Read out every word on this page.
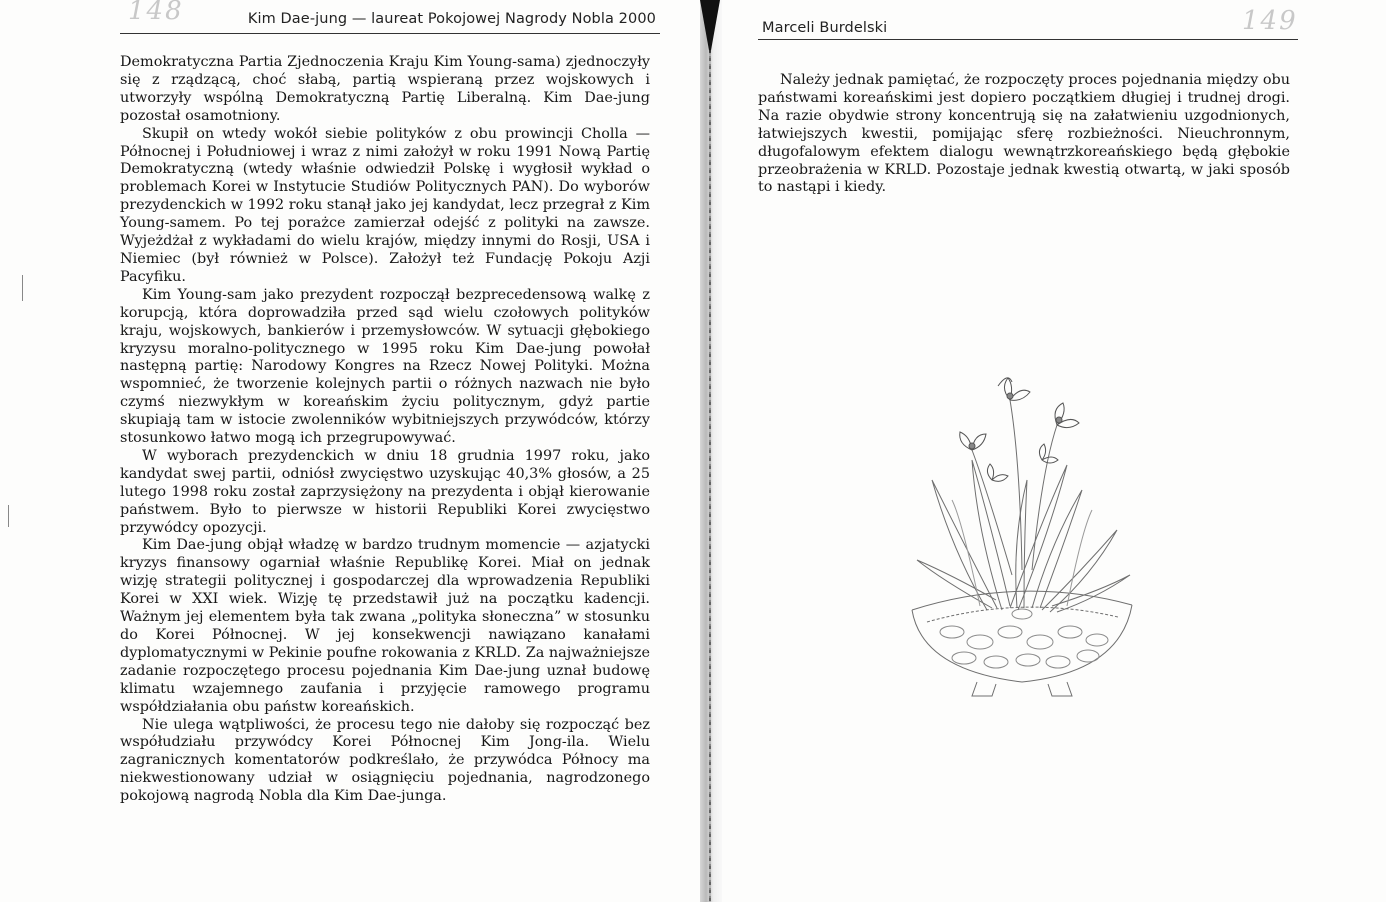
148	Kim Dae-jung — laureat Pokojowej Nagrody Nobla 2000

Demokratyczna Partia Zjednoczenia Kraju Kim Young-sama) zjednoczyły się z rządzącą, choć słabą, partią wspieraną przez wojskowych i utworzyły wspólną Demokratyczną Partię Liberalną. Kim Dae-jung pozostał osamotniony.

Skupił on wtedy wokół siebie polityków z obu prowincji Cholla — Północnej i Południowej i wraz z nimi założył w roku 1991 Nową Partię Demokratyczną (wtedy właśnie odwiedził Polskę i wygłosił wykład o problemach Korei w Instytucie Studiów Politycznych PAN). Do wyborów prezydenckich w 1992 roku stanął jako jej kandydat, lecz przegrał z Kim Young-samem. Po tej porażce zamierzał odejść z polityki na zawsze. Wyjeżdżał z wykładami do wielu krajów, między innymi do Rosji, USA i Niemiec (był również w Polsce). Założył też Fundację Pokoju Azji Pacyfiku.

Kim Young-sam jako prezydent rozpoczął bezprecedensową walkę z korupcją, która doprowadziła przed sąd wielu czołowych polityków kraju, wojskowych, bankierów i przemysłowców. W sytuacji głębokiego kryzysu moralno-politycznego w 1995 roku Kim Dae-jung powołał następną partię: Narodowy Kongres na Rzecz Nowej Polityki. Można wspomnieć, że tworzenie kolejnych partii o różnych nazwach nie było czymś niezwykłym w koreańskim życiu politycznym, gdyż partie skupiają tam w istocie zwolenników wybitniejszych przywódców, którzy stosunkowo łatwo mogą ich przegrupowywać.

W wyborach prezydenckich w dniu 18 grudnia 1997 roku, jako kandydat swej partii, odniósł zwycięstwo uzyskując 40,3% głosów, a 25 lutego 1998 roku został zaprzysiężony na prezydenta i objął kierowanie państwem. Było to pierwsze w historii Republiki Korei zwycięstwo przywódcy opozycji.

Kim Dae-jung objął władzę w bardzo trudnym momencie — azjatycki kryzys finansowy ogarniał właśnie Republikę Korei. Miał on jednak wizję strategii politycznej i gospodarczej dla wprowadzenia Republiki Korei w XXI wiek. Wizję tę przedstawił już na początku kadencji. Ważnym jej elementem była tak zwana „polityka słoneczna” w stosunku do Korei Północnej. W jej konsekwencji nawiązano kanałami dyplomatycznymi w Pekinie poufne rokowania z KRLD. Za najważniejsze zadanie rozpoczętego procesu pojednania Kim Dae-jung uznał budowę klimatu wzajemnego zaufania i przyjęcie ramowego programu współdziałania obu państw koreańskich.

Nie ulega wątpliwości, że procesu tego nie dałoby się rozpocząć bez współudziału przywódcy Korei Północnej Kim Jong-ila. Wielu zagranicznych komentatorów podkreślało, że przywódca Północy ma niekwestionowany udział w osiągnięciu pojednania, nagrodzonego pokojową nagrodą Nobla dla Kim Dae-junga.

Marceli Burdelski	149

Należy jednak pamiętać, że rozpoczęty proces pojednania między obu państwami koreańskimi jest dopiero początkiem długiej i trudnej drogi. Na razie obydwie strony koncentrują się na załatwieniu uzgodnionych, łatwiejszych kwestii, pomijając sferę rozbieżności. Nieuchronnym, długofalowym efektem dialogu wewnątrzkoreańskiego będą głębokie przeobrażenia w KRLD. Pozostaje jednak kwestią otwartą, w jaki sposób to nastąpi i kiedy.
